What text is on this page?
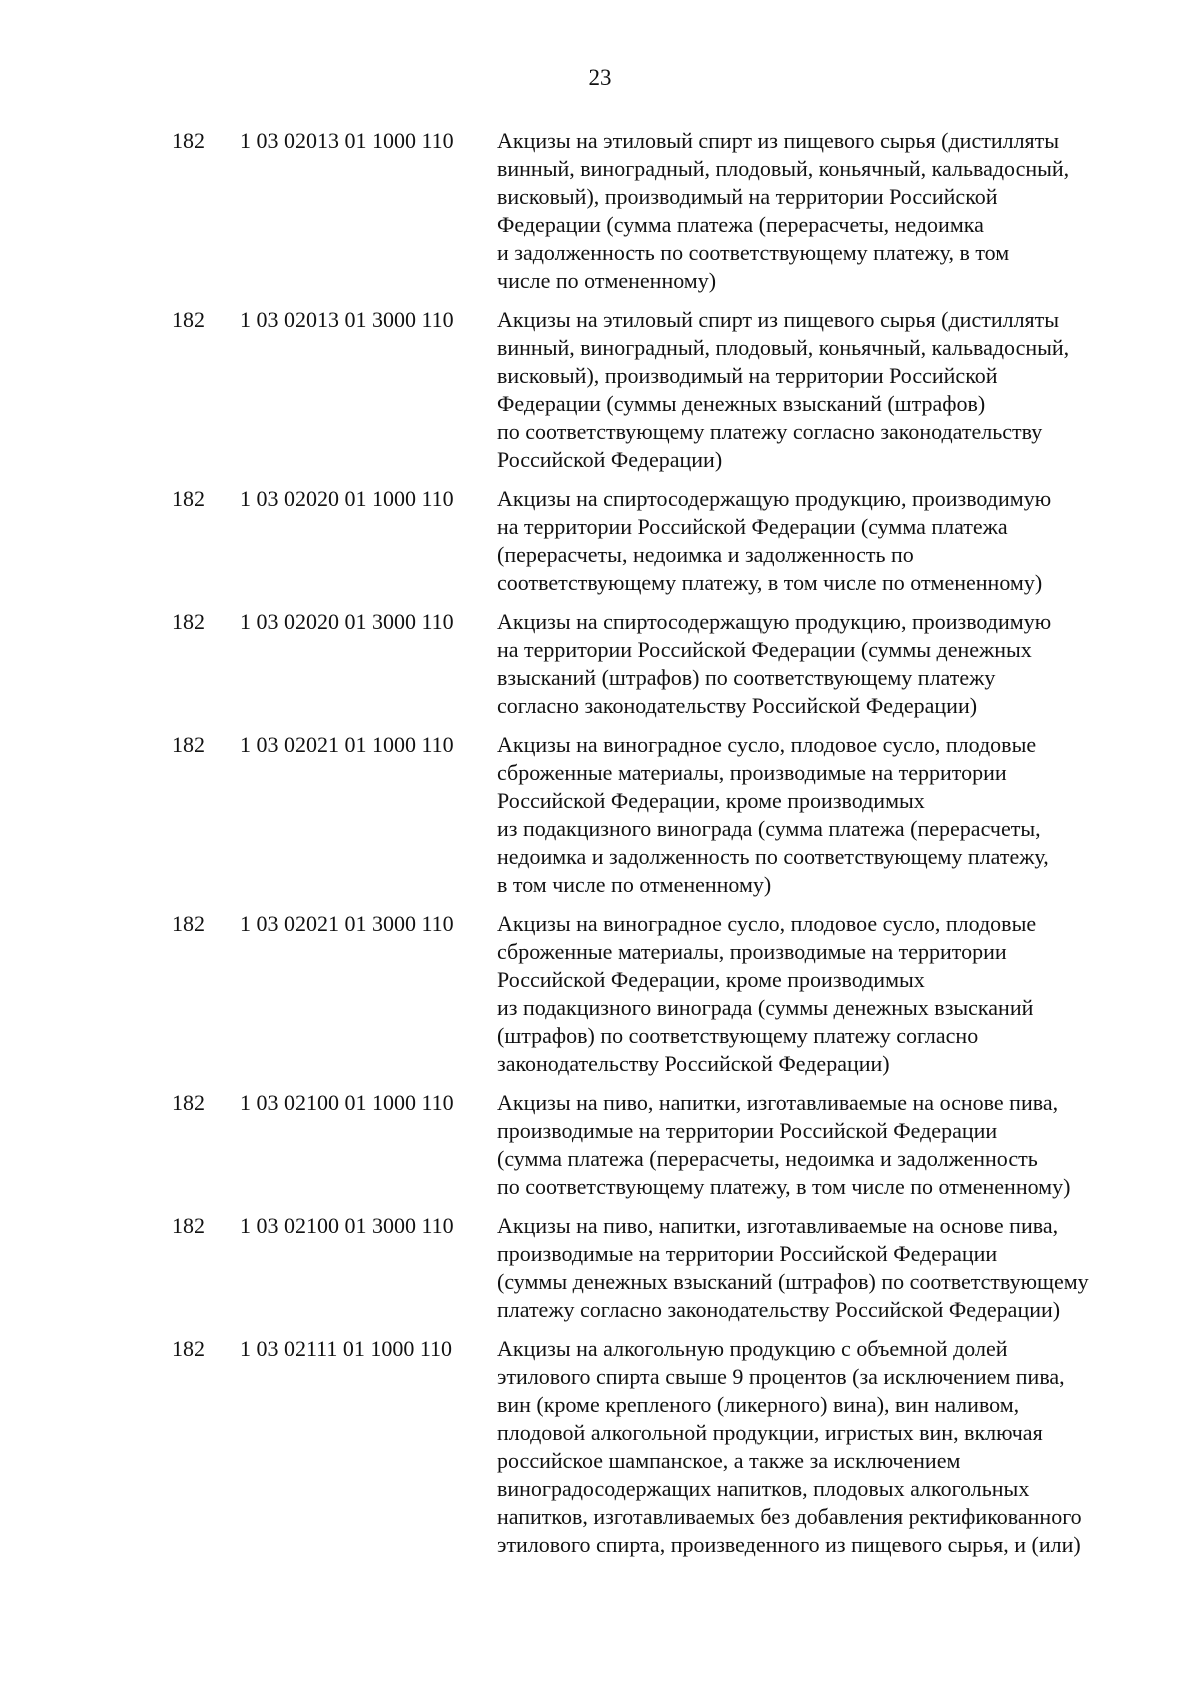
23
182 1 03 02013 01 1000 110 Акцизы на этиловый спирт из пищевого сырья (дистилляты
винный, виноградный, плодовый, коньячный, кальвадосный,
висковый), производимый на территории Российской
Федерации (сумма платежа (перерасчеты, недоимка
и задолженность по соответствующему платежу, в том
числе по отмененному)
182 1 03 02013 01 3000 110 Акцизы на этиловый спирт из пищевого сырья (дистилляты
винный, виноградный, плодовый, коньячный, кальвадосный,
висковый), производимый на территории Российской
Федерации (суммы денежных взысканий (штрафов)
по соответствующему платежу согласно законодательству
Российской Федерации)
182 1 03 02020 01 1000 110 Акцизы на спиртосодержащую продукцию, производимую
на территории Российской Федерации (сумма платежа
(перерасчеты, недоимка и задолженность по
соответствующему платежу, в том числе по отмененному)
182 1 03 02020 01 3000 110 Акцизы на спиртосодержащую продукцию, производимую
на территории Российской Федерации (суммы денежных
взысканий (штрафов) по соответствующему платежу
согласно законодательству Российской Федерации)
182 1 03 02021 01 1000 110 Акцизы на виноградное сусло, плодовое сусло, плодовые
сброженные материалы, производимые на территории
Российской Федерации, кроме производимых
из подакцизного винограда (сумма платежа (перерасчеты,
недоимка и задолженность по соответствующему платежу,
в том числе по отмененному)
182 1 03 02021 01 3000 110 Акцизы на виноградное сусло, плодовое сусло, плодовые
сброженные материалы, производимые на территории
Российской Федерации, кроме производимых
из подакцизного винограда (суммы денежных взысканий
(штрафов) по соответствующему платежу согласно
законодательству Российской Федерации)
182 1 03 02100 01 1000 110 Акцизы на пиво, напитки, изготавливаемые на основе пива,
производимые на территории Российской Федерации
(сумма платежа (перерасчеты, недоимка и задолженность
по соответствующему платежу, в том числе по отмененному)
182 1 03 02100 01 3000 110 Акцизы на пиво, напитки, изготавливаемые на основе пива,
производимые на территории Российской Федерации
(суммы денежных взысканий (штрафов) по соответствующему
платежу согласно законодательству Российской Федерации)
182 1 03 02111 01 1000 110 Акцизы на алкогольную продукцию с объемной долей
этилового спирта свыше 9 процентов (за исключением пива,
вин (кроме крепленого (ликерного) вина), вин наливом,
плодовой алкогольной продукции, игристых вин, включая
российское шампанское, а также за исключением
виноградосодержащих напитков, плодовых алкогольных
напитков, изготавливаемых без добавления ректификованного
этилового спирта, произведенного из пищевого сырья, и (или)
